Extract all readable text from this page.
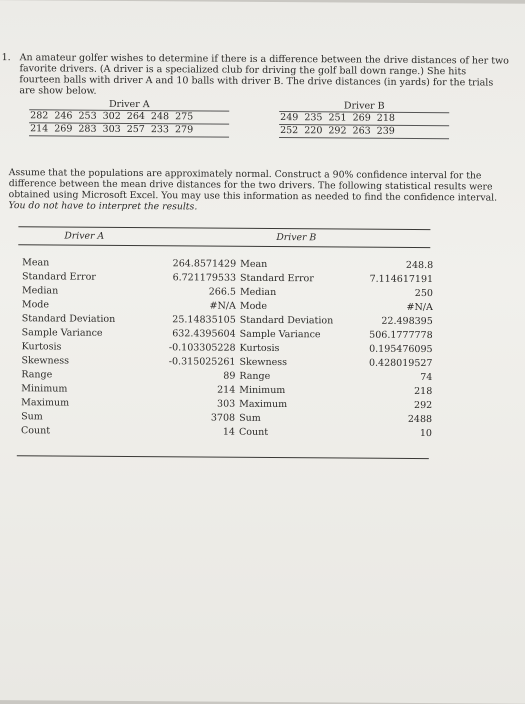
1. An amateur golfer wishes to determine if there is a difference between the drive distances of her two favorite drivers. (A driver is a specialized club for driving the golf ball down range.) She hits fourteen balls with driver A and 10 balls with driver B. The drive distances (in yards) for the trials are show below.
Driver A
282 246 253 302 264 248 275
214 269 283 303 257 233 279
Driver B
249 235 251 269 218
252 220 292 263 239
Assume that the populations are approximately normal. Construct a 90% confidence interval for the difference between the mean drive distances for the two drivers. The following statistical results were obtained using Microsoft Excel. You may use this information as needed to find the confidence interval. You do not have to interpret the results.
Driver A	Driver B
Mean
Standard Error
Median
Mode
Standard Deviation
Sample Variance
Kurtosis
Skewness
Range
Minimum
Maximum
Sum
Count
264.8571429
6.721179533
266.5
#N/A
25.14835105
632.4395604
-0.103305228
-0.315025261
89
214
303
3708
14
Mean
Standard Error
Median
Mode
Standard Deviation
Sample Variance
Kurtosis
Skewness
Range
Minimum
Maximum
Sum
Count
248.8
7.114617191
250
#N/A
22.498395
506.1777778
0.195476095
0.428019527
74
218
292
2488
10
